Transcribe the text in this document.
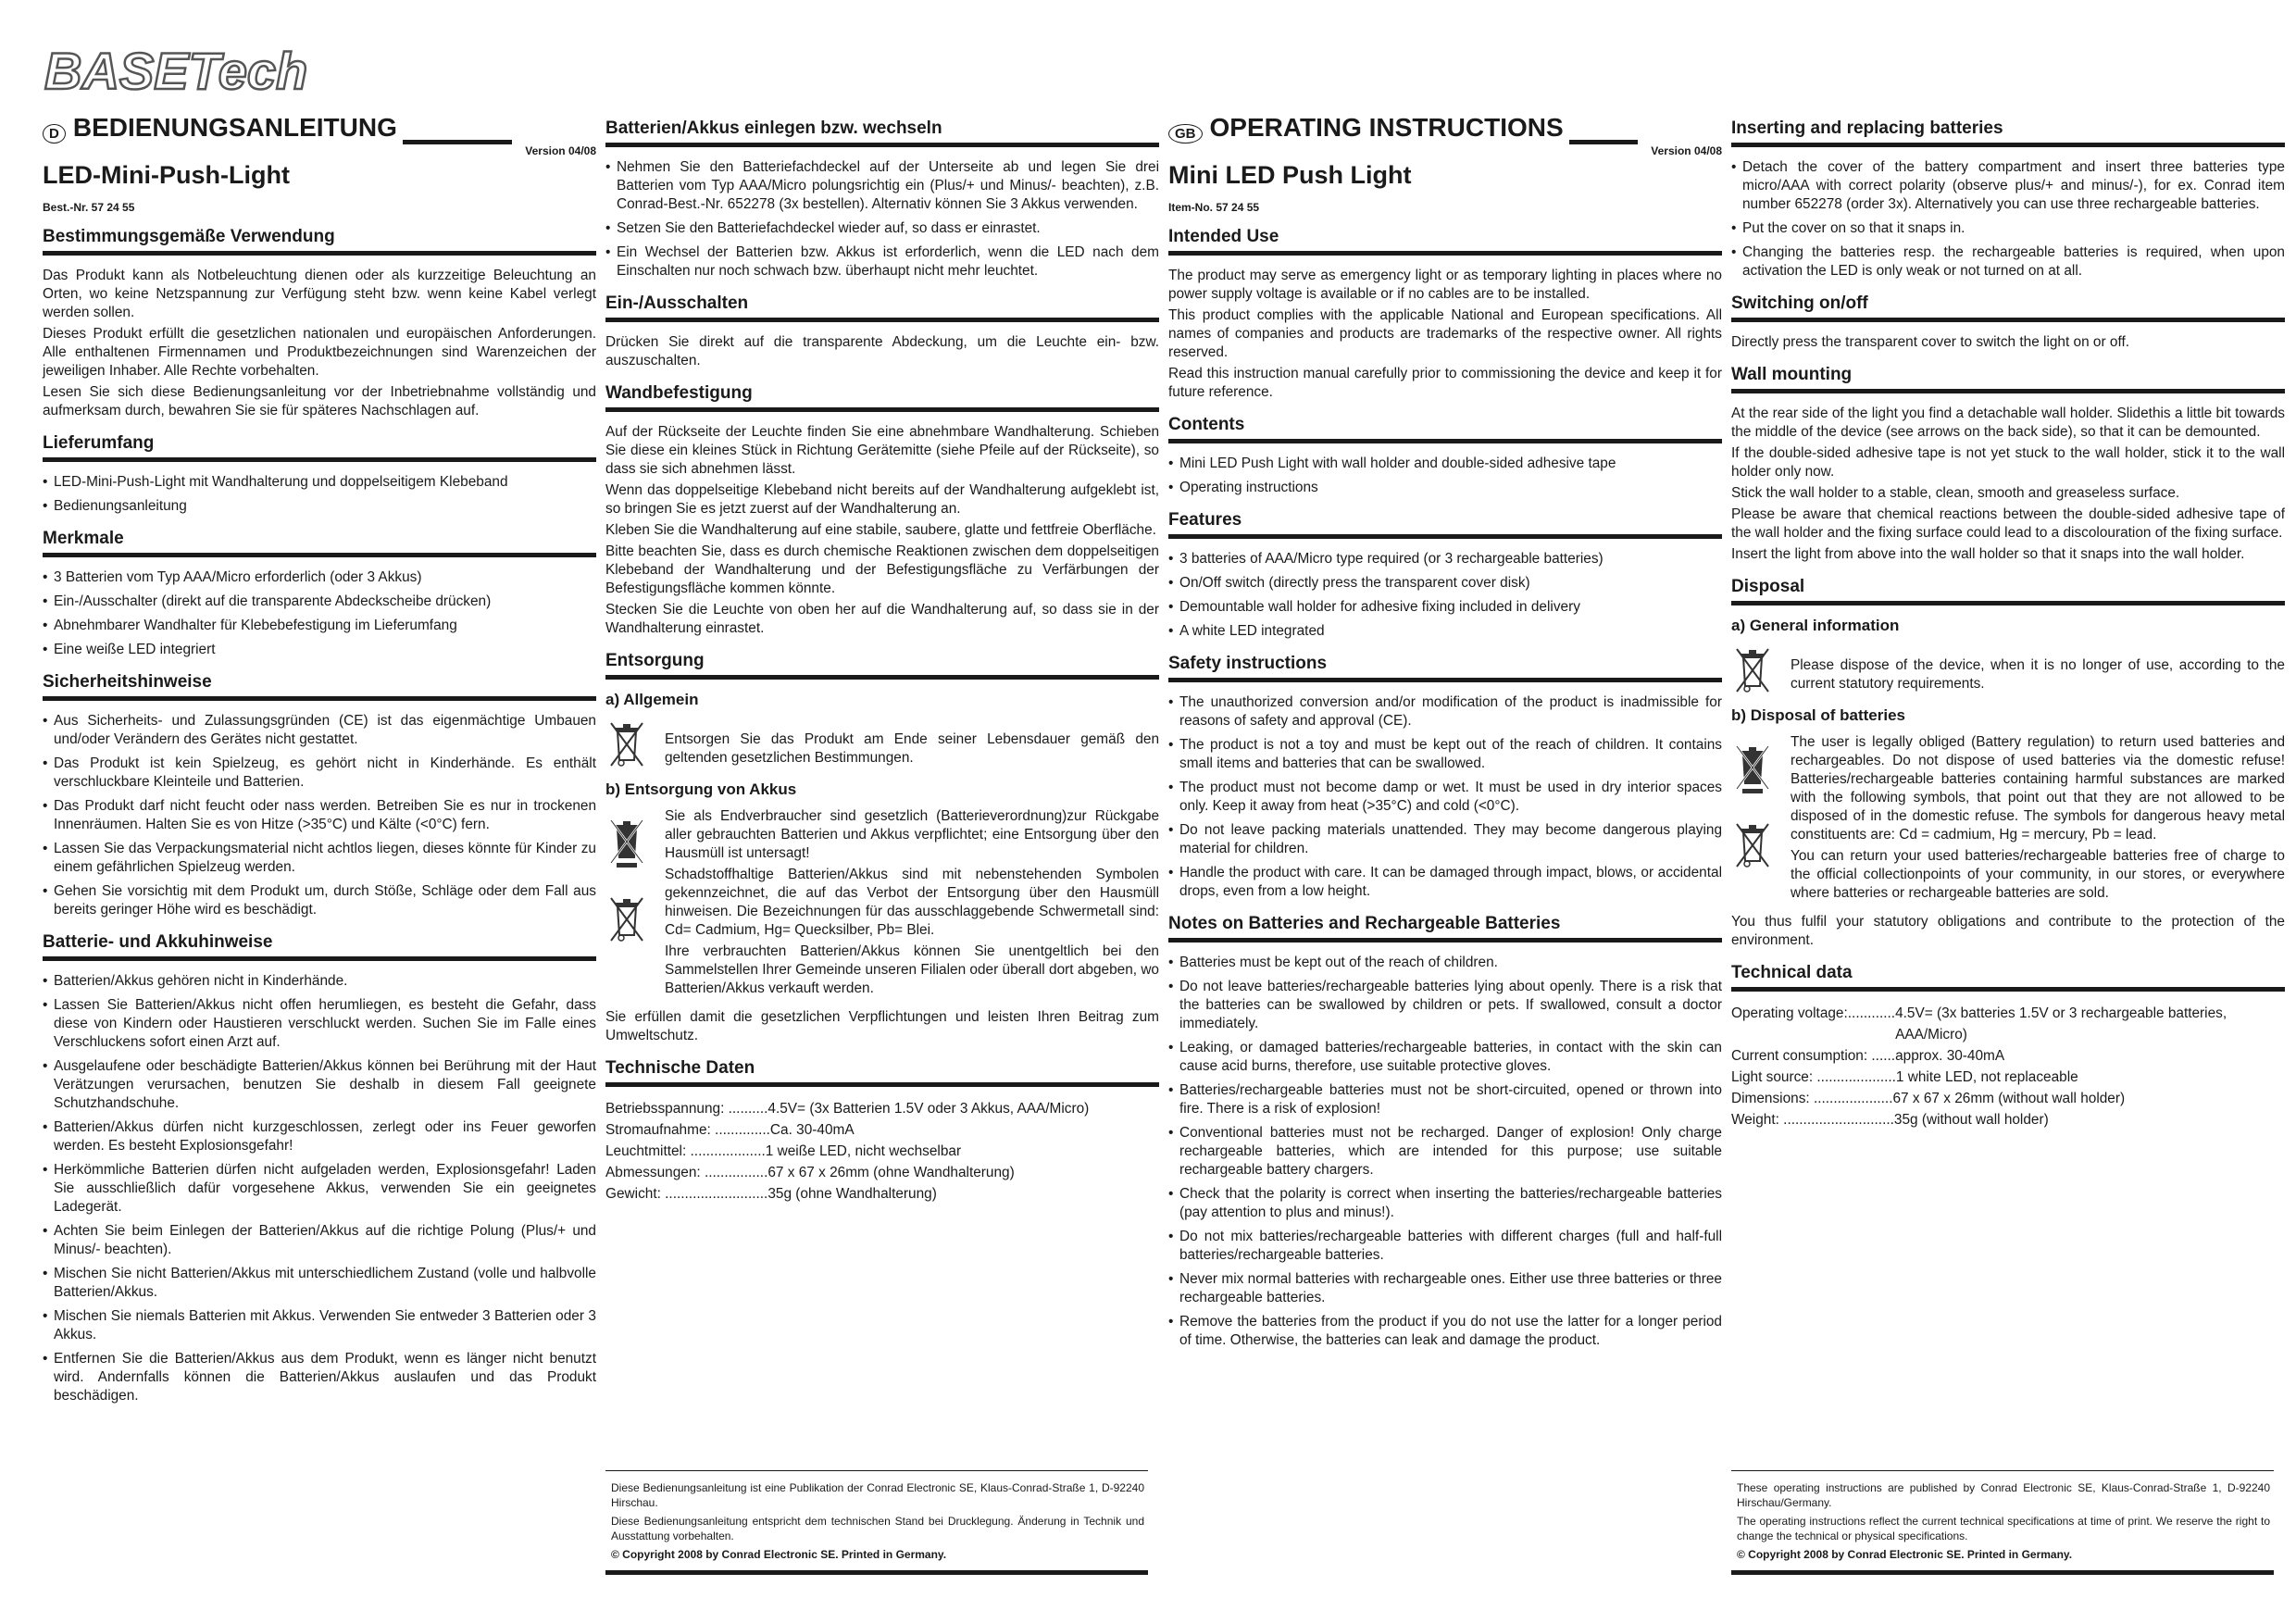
BASETech
D BEDIENUNGSANLEITUNG
Version 04/08
LED-Mini-Push-Light
Best.-Nr. 57 24 55
Bestimmungsgemäße Verwendung

Das Produkt kann als Notbeleuchtung dienen oder als kurzzeitige Beleuchtung an Orten, wo keine Netzspannung zur Verfügung steht bzw. wenn keine Kabel verlegt werden sollen.

Dieses Produkt erfüllt die gesetzlichen nationalen und europäischen Anforderungen. Alle enthaltenen Firmennamen und Produktbezeichnungen sind Warenzeichen der jeweiligen Inhaber. Alle Rechte vorbehalten.

Lesen Sie sich diese Bedienungsanleitung vor der Inbetriebnahme vollständig und aufmerksam durch, bewahren Sie sie für späteres Nachschlagen auf.

Lieferumfang
• LED-Mini-Push-Light mit Wandhalterung und doppelseitigem Klebeband
• Bedienungsanleitung
Merkmale
• 3 Batterien vom Typ AAA/Micro erforderlich (oder 3 Akkus)
• Ein-/Ausschalter (direkt auf die transparente Abdeckscheibe drücken)
• Abnehmbarer Wandhalter für Klebebefestigung im Lieferumfang
• Eine weiße LED integriert
Sicherheitshinweise
• Aus Sicherheits- und Zulassungsgründen (CE) ist das eigenmächtige Umbauen und/oder Verändern des Gerätes nicht gestattet.
• Das Produkt ist kein Spielzeug, es gehört nicht in Kinderhände. Es enthält verschluckbare Kleinteile und Batterien.
• Das Produkt darf nicht feucht oder nass werden. Betreiben Sie es nur in trockenen Innenräumen. Halten Sie es von Hitze (>35°C) und Kälte (<0°C) fern.
• Lassen Sie das Verpackungsmaterial nicht achtlos liegen, dieses könnte für Kinder zu einem gefährlichen Spielzeug werden.
• Gehen Sie vorsichtig mit dem Produkt um, durch Stöße, Schläge oder dem Fall aus bereits geringer Höhe wird es beschädigt.
Batterie- und Akkuhinweise
• Batterien/Akkus gehören nicht in Kinderhände.
• Lassen Sie Batterien/Akkus nicht offen herumliegen, es besteht die Gefahr, dass diese von Kindern oder Haustieren verschluckt werden. Suchen Sie im Falle eines Verschluckens sofort einen Arzt auf.
• Ausgelaufene oder beschädigte Batterien/Akkus können bei Berührung mit der Haut Verätzungen verursachen, benutzen Sie deshalb in diesem Fall geeignete Schutzhandschuhe.
• Batterien/Akkus dürfen nicht kurzgeschlossen, zerlegt oder ins Feuer geworfen werden. Es besteht Explosionsgefahr!
• Herkömmliche Batterien dürfen nicht aufgeladen werden, Explosionsgefahr! Laden Sie ausschließlich dafür vorgesehene Akkus, verwenden Sie ein geeignetes Ladegerät.
• Achten Sie beim Einlegen der Batterien/Akkus auf die richtige Polung (Plus/+ und Minus/- beachten).
• Mischen Sie nicht Batterien/Akkus mit unterschiedlichem Zustand (volle und halbvolle Batterien/Akkus.
• Mischen Sie niemals Batterien mit Akkus. Verwenden Sie entweder 3 Batterien oder 3 Akkus.
• Entfernen Sie die Batterien/Akkus aus dem Produkt, wenn es länger nicht benutzt wird. Andernfalls können die Batterien/Akkus auslaufen und das Produkt beschädigen.
Batterien/Akkus einlegen bzw. wechseln
• Nehmen Sie den Batteriefachdeckel auf der Unterseite ab und legen Sie drei Batterien vom Typ AAA/Micro polungsrichtig ein (Plus/+ und Minus/- beachten), z.B. Conrad-Best.-Nr. 652278 (3x bestellen). Alternativ können Sie 3 Akkus verwenden.
• Setzen Sie den Batteriefachdeckel wieder auf, so dass er einrastet.
• Ein Wechsel der Batterien bzw. Akkus ist erforderlich, wenn die LED nach dem Einschalten nur noch schwach bzw. überhaupt nicht mehr leuchtet.
Ein-/Ausschalten

Drücken Sie direkt auf die transparente Abdeckung, um die Leuchte ein- bzw. auszuschalten.

Wandbefestigung

Auf der Rückseite der Leuchte finden Sie eine abnehmbare Wandhalterung. Schieben Sie diese ein kleines Stück in Richtung Gerätemitte (siehe Pfeile auf der Rückseite), so dass sie sich abnehmen lässt.

Wenn das doppelseitige Klebeband nicht bereits auf der Wandhalterung aufgeklebt ist, so bringen Sie es jetzt zuerst auf der Wandhalterung an.

Kleben Sie die Wandhalterung auf eine stabile, saubere, glatte und fettfreie Oberfläche.

Bitte beachten Sie, dass es durch chemische Reaktionen zwischen dem doppelseitigen Klebeband der Wandhalterung und der Befestigungsfläche zu Verfärbungen der Befestigungsfläche kommen könnte.

Stecken Sie die Leuchte von oben her auf die Wandhalterung auf, so dass sie in der Wandhalterung einrastet.

Entsorgung
a) Allgemein

Entsorgen Sie das Produkt am Ende seiner Lebensdauer gemäß den geltenden gesetzlichen Bestimmungen.

b) Entsorgung von Akkus

Sie als Endverbraucher sind gesetzlich (Batterieverordnung)zur Rückgabe aller gebrauchten Batterien und Akkus verpflichtet; eine Entsorgung über den Hausmüll ist untersagt!

Schadstoffhaltige Batterien/Akkus sind mit nebenstehenden Symbolen gekennzeichnet, die auf das Verbot der Entsorgung über den Hausmüll hinweisen. Die Bezeichnungen für das ausschlaggebende Schwermetall sind: Cd= Cadmium, Hg= Quecksilber, Pb= Blei.

Ihre verbrauchten Batterien/Akkus können Sie unentgeltlich bei den Sammelstellen Ihrer Gemeinde unseren Filialen oder überall dort abgeben, wo Batterien/Akkus verkauft werden.

Sie erfüllen damit die gesetzlichen Verpflichtungen und leisten Ihren Beitrag zum Umweltschutz.

Technische Daten
Betriebsspannung: .......... 4.5V= (3x Batterien 1.5V oder 3 Akkus, AAA/Micro)
Stromaufnahme: .............. Ca. 30-40mA
Leuchtmittel: ................... 1 weiße LED, nicht wechselbar
Abmessungen: ................ 67 x 67 x 26mm (ohne Wandhalterung)
Gewicht: .......................... 35g (ohne Wandhalterung)

Diese Bedienungsanleitung ist eine Publikation der Conrad Electronic SE, Klaus-Conrad-Straße 1, D-92240 Hirschau.

Diese Bedienungsanleitung entspricht dem technischen Stand bei Drucklegung. Änderung in Technik und Ausstattung vorbehalten.

© Copyright 2008 by Conrad Electronic SE. Printed in Germany.

GB OPERATING INSTRUCTIONS
Version 04/08
Mini LED Push Light
Item-No. 57 24 55
Intended Use

The product may serve as emergency light or as temporary lighting in places where no power supply voltage is available or if no cables are to be installed.

This product complies with the applicable National and European specifications. All names of companies and products are trademarks of the respective owner. All rights reserved.

Read this instruction manual carefully prior to commissioning the device and keep it for future reference.

Contents
• Mini LED Push Light with wall holder and double-sided adhesive tape
• Operating instructions
Features
• 3 batteries of AAA/Micro type required (or 3 rechargeable batteries)
• On/Off switch (directly press the transparent cover disk)
• Demountable wall holder for adhesive fixing included in delivery
• A white LED integrated
Safety instructions
• The unauthorized conversion and/or modification of the product is inadmissible for reasons of safety and approval (CE).
• The product is not a toy and must be kept out of the reach of children. It contains small items and batteries that can be swallowed.
• The product must not become damp or wet. It must be used in dry interior spaces only. Keep it away from heat (>35°C) and cold (<0°C).
• Do not leave packing materials unattended. They may become dangerous playing material for children.
• Handle the product with care. It can be damaged through impact, blows, or accidental drops, even from a low height.
Notes on Batteries and Rechargeable Batteries
• Batteries must be kept out of the reach of children.
• Do not leave batteries/rechargeable batteries lying about openly. There is a risk that the batteries can be swallowed by children or pets. If swallowed, consult a doctor immediately.
• Leaking, or damaged batteries/rechargeable batteries, in contact with the skin can cause acid burns, therefore, use suitable protective gloves.
• Batteries/rechargeable batteries must not be short-circuited, opened or thrown into fire. There is a risk of explosion!
• Conventional batteries must not be recharged. Danger of explosion! Only charge rechargeable batteries, which are intended for this purpose; use suitable rechargeable battery chargers.
• Check that the polarity is correct when inserting the batteries/rechargeable batteries (pay attention to plus and minus!).
• Do not mix batteries/rechargeable batteries with different charges (full and half-full batteries/rechargeable batteries.
• Never mix normal batteries with rechargeable ones. Either use three batteries or three rechargeable batteries.
• Remove the batteries from the product if you do not use the latter for a longer period of time. Otherwise, the batteries can leak and damage the product.
Inserting and replacing batteries
• Detach the cover of the battery compartment and insert three batteries type micro/AAA with correct polarity (observe plus/+ and minus/-), for ex. Conrad item number 652278 (order 3x). Alternatively you can use three rechargeable batteries.
• Put the cover on so that it snaps in.
• Changing the batteries resp. the rechargeable batteries is required, when upon activation the LED is only weak or not turned on at all.
Switching on/off

Directly press the transparent cover to switch the light on or off.

Wall mounting

At the rear side of the light you find a detachable wall holder. Slidethis a little bit towards the middle of the device (see arrows on the back side), so that it can be demounted.

If the double-sided adhesive tape is not yet stuck to the wall holder, stick it to the wall holder only now.

Stick the wall holder to a stable, clean, smooth and greaseless surface.

Please be aware that chemical reactions between the double-sided adhesive tape of the wall holder and the fixing surface could lead to a discolouration of the fixing surface.

Insert the light from above into the wall holder so that it snaps into the wall holder.

Disposal
a) General information

Please dispose of the device, when it is no longer of use, according to the current statutory requirements.

b) Disposal of batteries

The user is legally obliged (Battery regulation) to return used batteries and rechargeables. Do not dispose of used batteries via the domestic refuse! Batteries/rechargeable batteries containing harmful substances are marked with the following symbols, that point out that they are not allowed to be disposed of in the domestic refuse. The symbols for dangerous heavy metal constituents are: Cd = cadmium, Hg = mercury, Pb = lead.

You can return your used batteries/rechargeable batteries free of charge to the official collectionpoints of your community, in our stores, or everywhere where batteries or rechargeable batteries are sold.

You thus fulfil your statutory obligations and contribute to the protection of the environment.

Technical data
Operating voltage:............ 4.5V= (3x batteries 1.5V or 3 rechargeable batteries, AAA/Micro)
Current consumption: ...... approx. 30-40mA
Light source: .................... 1 white LED, not replaceable
Dimensions: .................... 67 x 67 x 26mm (without wall holder)
Weight: ............................ 35g (without wall holder)

These operating instructions are published by Conrad Electronic SE, Klaus-Conrad-Straße 1, D-92240 Hirschau/Germany.

The operating instructions reflect the current technical specifications at time of print. We reserve the right to change the technical or physical specifications.

© Copyright 2008 by Conrad Electronic SE. Printed in Germany.
